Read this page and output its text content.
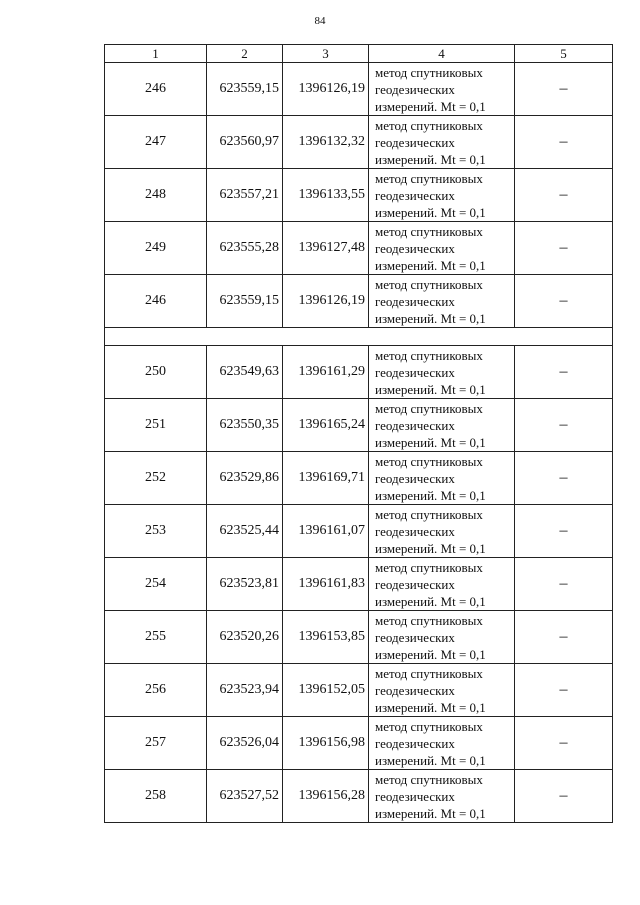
84
1	2	3	4	5
246	623559,15	1396126,19	метод спутниковых
геодезических
измерений. Mt = 0,1	–
247	623560,97	1396132,32	метод спутниковых
геодезических
измерений. Mt = 0,1	–
248	623557,21	1396133,55	метод спутниковых
геодезических
измерений. Mt = 0,1	–
249	623555,28	1396127,48	метод спутниковых
геодезических
измерений. Mt = 0,1	–
246	623559,15	1396126,19	метод спутниковых
геодезических
измерений. Mt = 0,1	–

250	623549,63	1396161,29	метод спутниковых
геодезических
измерений. Mt = 0,1	–
251	623550,35	1396165,24	метод спутниковых
геодезических
измерений. Mt = 0,1	–
252	623529,86	1396169,71	метод спутниковых
геодезических
измерений. Mt = 0,1	–
253	623525,44	1396161,07	метод спутниковых
геодезических
измерений. Mt = 0,1	–
254	623523,81	1396161,83	метод спутниковых
геодезических
измерений. Mt = 0,1	–
255	623520,26	1396153,85	метод спутниковых
геодезических
измерений. Mt = 0,1	–
256	623523,94	1396152,05	метод спутниковых
геодезических
измерений. Mt = 0,1	–
257	623526,04	1396156,98	метод спутниковых
геодезических
измерений. Mt = 0,1	–
258	623527,52	1396156,28	метод спутниковых
геодезических
измерений. Mt = 0,1	–
